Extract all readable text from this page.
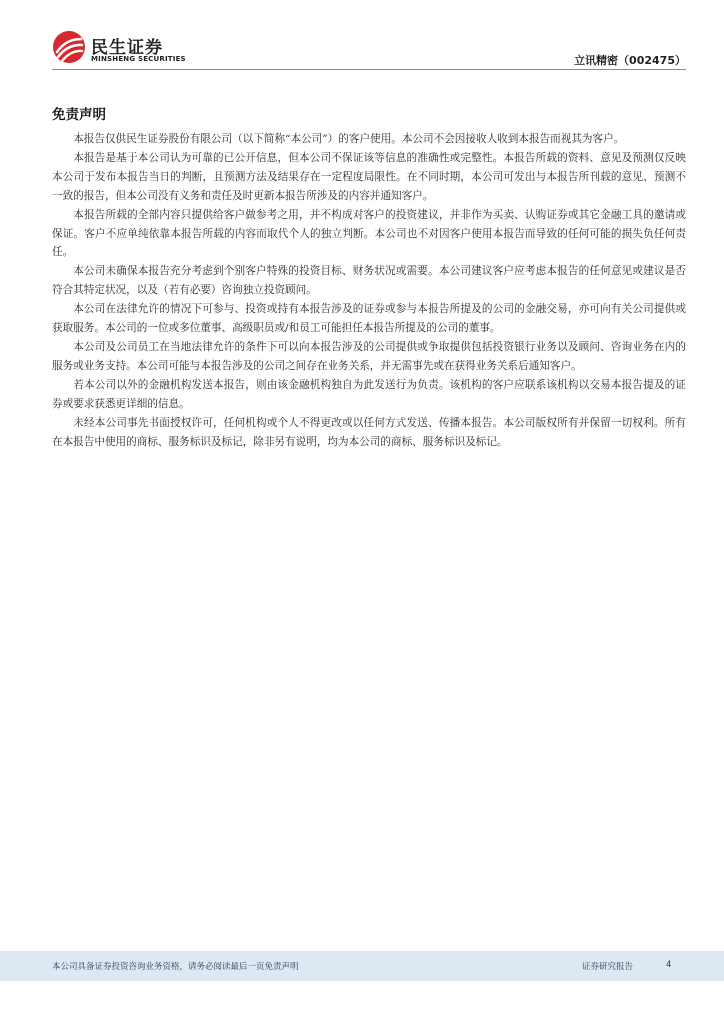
民生证券
MINSHENG SECURITIES	立讯精密（002475）
免责声明

本报告仅供民生证券股份有限公司（以下简称“本公司”）的客户使用。本公司不会因接收人收到本报告而视其为客户。

本报告是基于本公司认为可靠的已公开信息，但本公司不保证该等信息的准确性或完整性。本报告所载的资料、意见及预测仅反映本公司于发布本报告当日的判断，且预测方法及结果存在一定程度局限性。在不同时期，本公司可发出与本报告所刊载的意见、预测不一致的报告，但本公司没有义务和责任及时更新本报告所涉及的内容并通知客户。

本报告所载的全部内容只提供给客户做参考之用，并不构成对客户的投资建议，并非作为买卖、认购证券或其它金融工具的邀请或保证。客户不应单纯依靠本报告所载的内容而取代个人的独立判断。本公司也不对因客户使用本报告而导致的任何可能的损失负任何责任。

本公司未确保本报告充分考虑到个别客户特殊的投资目标、财务状况或需要。本公司建议客户应考虑本报告的任何意见或建议是否符合其特定状况，以及（若有必要）咨询独立投资顾问。

本公司在法律允许的情况下可参与、投资或持有本报告涉及的证券或参与本报告所提及的公司的金融交易，亦可向有关公司提供或获取服务。本公司的一位或多位董事、高级职员或/和员工可能担任本报告所提及的公司的董事。

本公司及公司员工在当地法律允许的条件下可以向本报告涉及的公司提供或争取提供包括投资银行业务以及顾问、咨询业务在内的服务或业务支持。本公司可能与本报告涉及的公司之间存在业务关系，并无需事先或在获得业务关系后通知客户。

若本公司以外的金融机构发送本报告，则由该金融机构独自为此发送行为负责。该机构的客户应联系该机构以交易本报告提及的证券或要求获悉更详细的信息。

未经本公司事先书面授权许可，任何机构或个人不得更改或以任何方式发送、传播本报告。本公司版权所有并保留一切权利。所有在本报告中使用的商标、服务标识及标记，除非另有说明，均为本公司的商标、服务标识及标记。

本公司具备证券投资咨询业务资格，请务必阅读最后一页免责声明	证券研究报告	4
